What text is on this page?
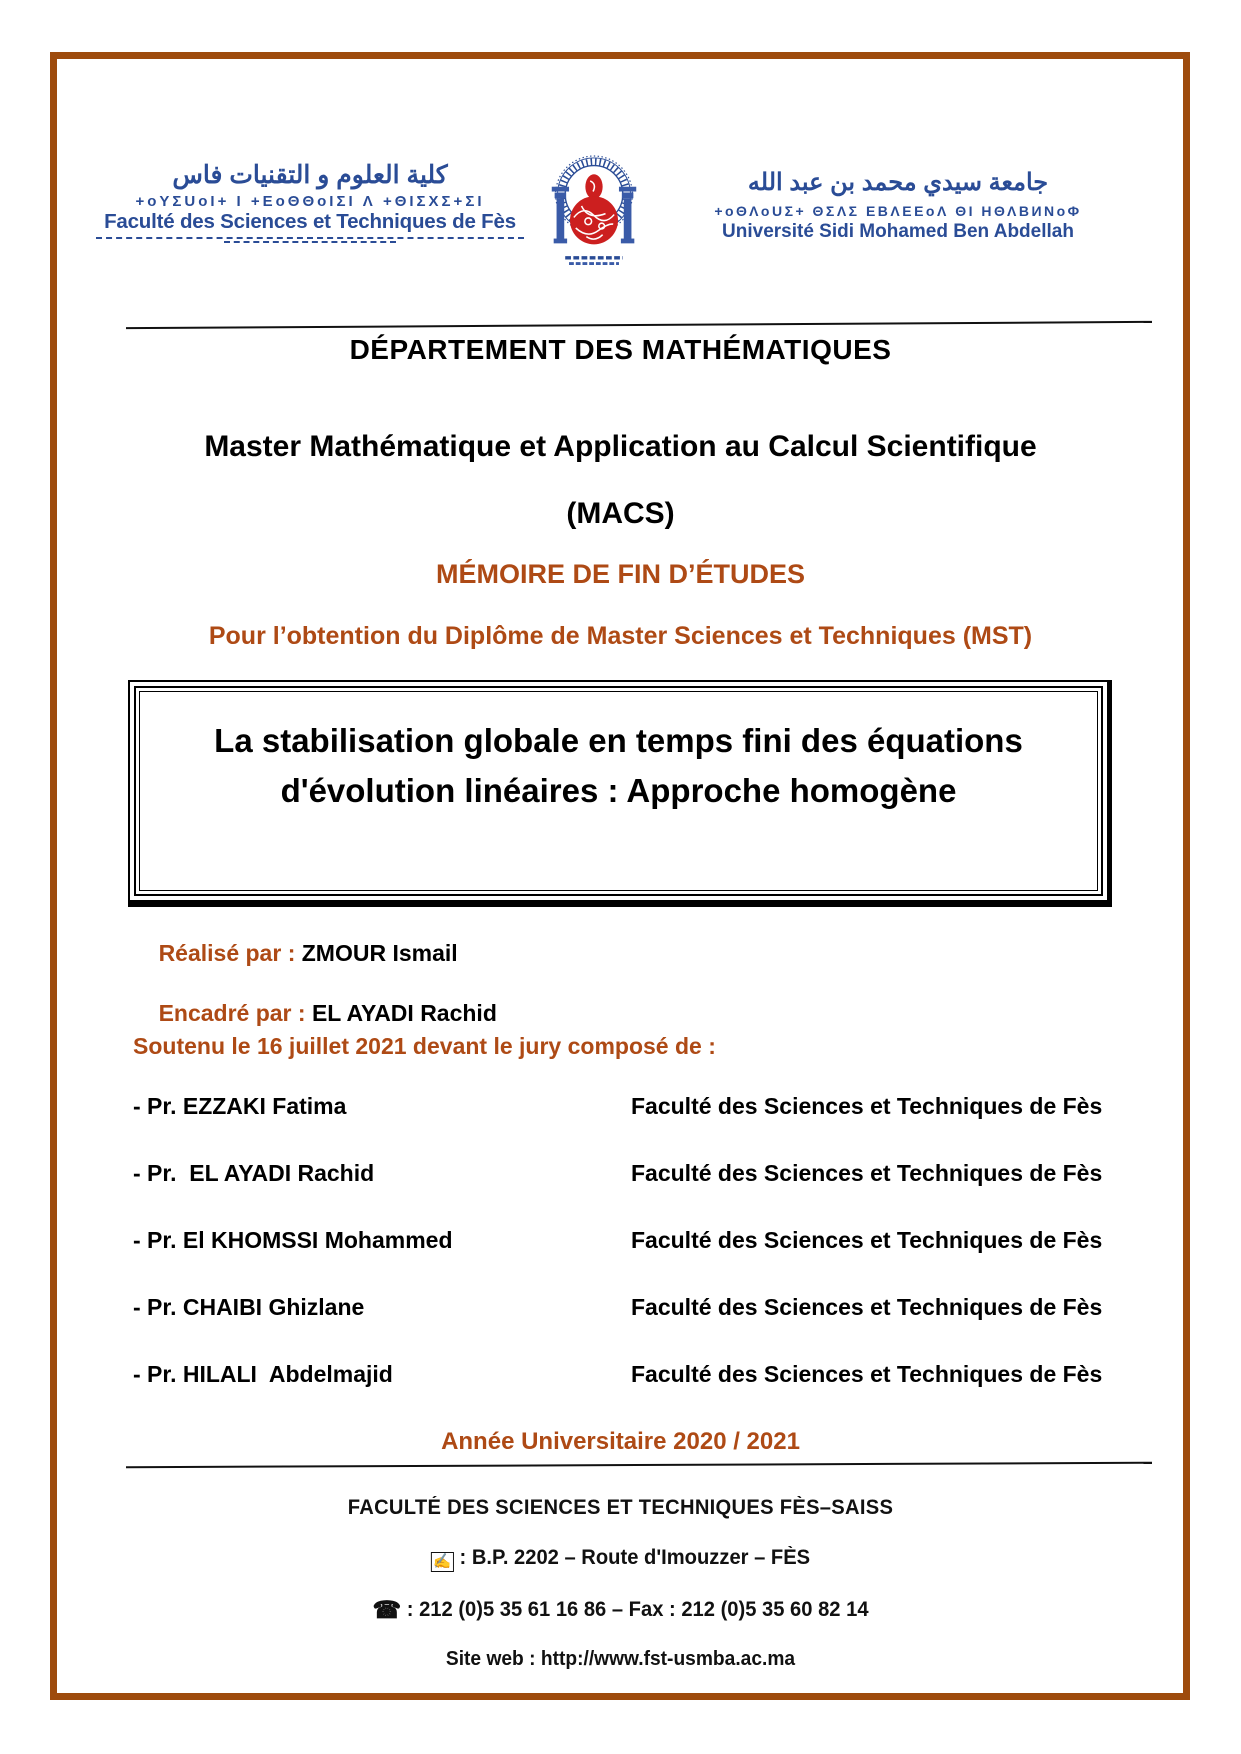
كلية العلوم و التقنيات فاس
+oYΣUoI+ I +ΕoΘΘoIΣI Λ +ΘIΣXΣ+ΣI
Faculté des Sciences et Techniques de Fès
جامعة سيدي محمد بن عبد الله
+oΘΛoUΣ+ ΘΣΛΣ ΕΒΛΕΕoΛ ΘI ΗΘΛΒИΝoΦ
Université Sidi Mohamed Ben Abdellah
DÉPARTEMENT DES MATHÉMATIQUES
Master Mathématique et Application au Calcul Scientifique
(MACS)
MÉMOIRE DE FIN D’ÉTUDES
Pour l’obtention du Diplôme de Master Sciences et Techniques (MST)
La stabilisation globale en temps fini des équations
d'évolution linéaires : Approche homogène

Réalisé par : ZMOUR Ismail

Encadré par : EL AYADI Rachid

Soutenu le 16 juillet 2021 devant le jury composé de :
- Pr. EZZAKI Fatima	Faculté des Sciences et Techniques de Fès
- Pr.  EL AYADI Rachid	Faculté des Sciences et Techniques de Fès
- Pr. El KHOMSSI Mohammed	Faculté des Sciences et Techniques de Fès
- Pr. CHAIBI Ghizlane	Faculté des Sciences et Techniques de Fès
- Pr. HILALI  Abdelmajid	Faculté des Sciences et Techniques de Fès
Année Universitaire 2020 / 2021
FACULTÉ DES SCIENCES ET TECHNIQUES FÈS–SAISS
✍ : B.P. 2202 – Route d'Imouzzer – FÈS
☎ : 212 (0)5 35 61 16 86 – Fax : 212 (0)5 35 60 82 14
Site web : http://www.fst-usmba.ac.ma
